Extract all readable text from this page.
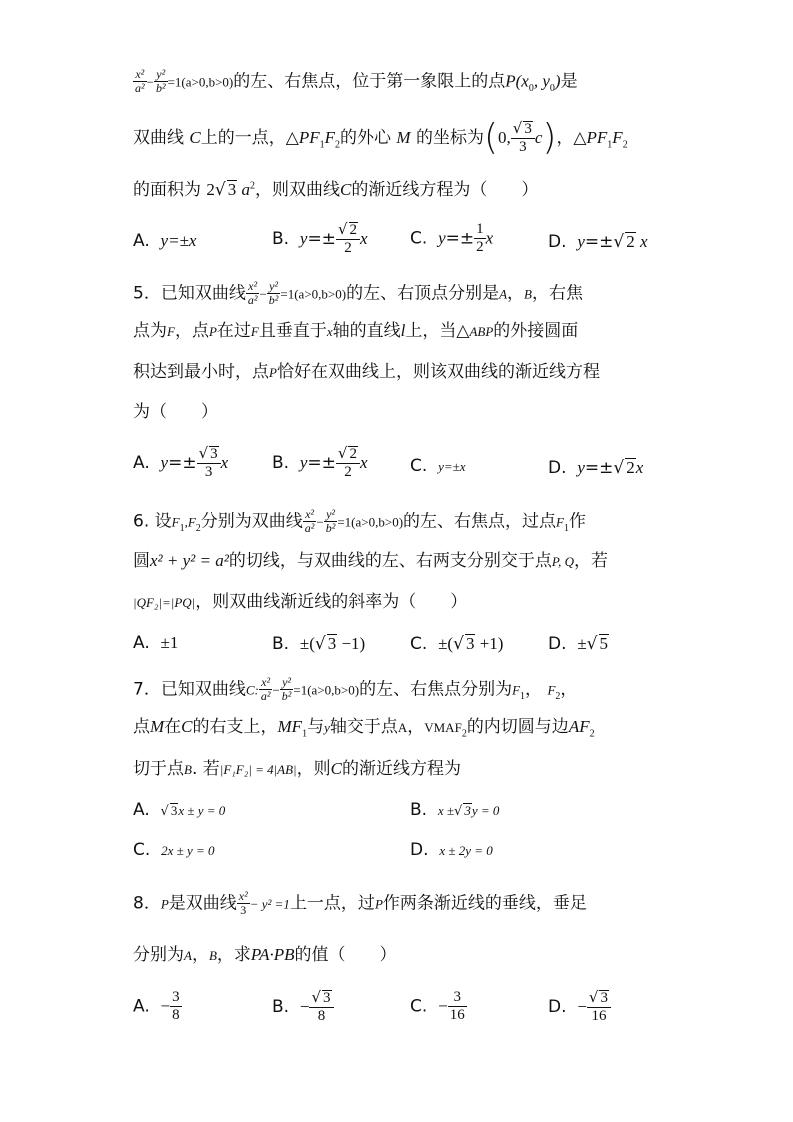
$\frac{\text{x²}}{\text{a²}} - \frac{\text{y²}}{\text{b²}} =1(a>0,b>0)$的左、右焦点，位于第一象限上的点$P(x_0$, $y_0$)是
双曲线 C上的一点，$\triangle PF_1F_2$的外心 M 的坐标为(0, $\frac{√ 3}{3} c$)，$\triangle PF_1F_2$
的面积为 2√ 3 $a^2$，则双曲线C的渐近线方程为（　　）
A. y=±x	B. $y=\pm \frac{√ 2}{2}$ x C. $y=\pm \frac{1}{2}$ x	D. y=±√ 2 x
5．已知双曲线 $\frac{\text{x²}}{\text{a²}} - \frac{\text{y²}}{\text{b²}} =1(a>0,b>0)$的左、右顶点分别是A，B，右焦
点为F，点P在过F且垂直于x轴的直线l上，当△ABP的外接圆面
积达到最小时，点P恰好在双曲线上，则该双曲线的渐近线方程
为（　　）
A.  $y=\pm \frac{√ 3}{3}$ x	B.  $y=\pm \frac{√ 2}{2}$ x C.  y=±x	D.  y=±√ 2x
6. 设$F_1,F_2$分别为双曲线 $\frac{\text{x²}}{\text{a²}} - \frac{\text{y²}}{\text{b²}} =1(a>0,b>0)$的左、右焦点，过点$F_1$作
圆x² + y² = a²的切线，与双曲线的左、右两支分别交于点P, Q，若
|QF₂|=|PQ|，则双曲线渐近线的斜率为（　　）
A.  ±1	B.  ±(√ 3 −1)	C.  ±(√ 3 +1)	D.  ±√ 5
7．已知双曲线C: $\frac{\text{x²}}{\text{a²}} - \frac{\text{y²}}{\text{b²}} =1(a>0,b>0)$的左、右焦点分别为$F_1$， $F_2$，
点M在C的右支上，$MF_1$与y轴交于点A，$VMAF_2$的内切圆与边$AF_2$
切于点B. 若|F₁F₂| = 4|AB|，则C的渐近线方程为
A.  √ 3x ± y = 0	B.  x ±√ 3y = 0
C.  2x ± y = 0	D.  x ± 2y = 0
8．P是双曲线 $\frac{\text{x²}}{3} - y^2 =1$上一点，过P作两条渐近线的垂线，垂足
分别为A，B，求PA·PB的值（　　）
A.  − $\frac{3}{8}$	B.  − $\frac{√ 3}{8}$	C.  − $\frac{3}{16}$	D.  − $\frac{√ 3}{16}$
